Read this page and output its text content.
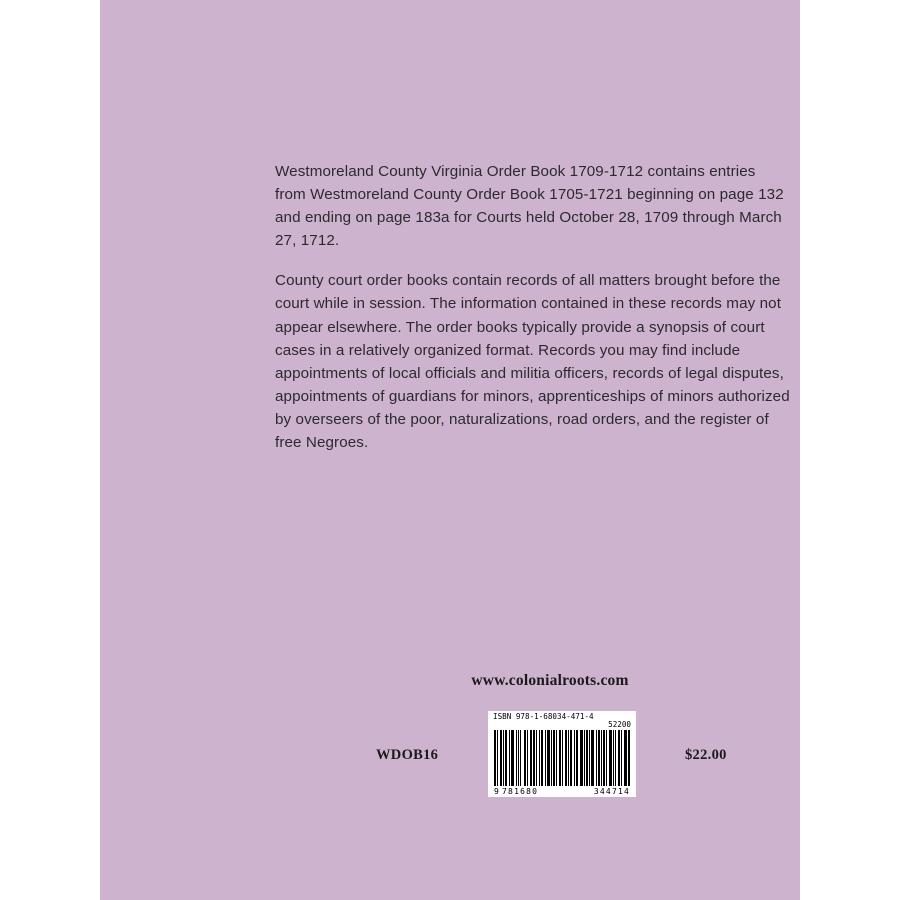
Westmoreland County Virginia Order Book 1709-1712 contains entries from Westmoreland County Order Book 1705-1721 beginning on page 132 and ending on page 183a for Courts held October 28, 1709 through March 27, 1712.

County court order books contain records of all matters brought before the court while in session. The information contained in these records may not appear elsewhere. The order books typically provide a synopsis of court cases in a relatively organized format. Records you may find include appointments of local officials and militia officers, records of legal disputes, appointments of guardians for minors, apprenticeships of minors authorized by overseers of the poor, naturalizations, road orders, and the register of free Negroes.

www.colonialroots.com
WDOB16	$22.00
ISBN 978-1-68034-471-4
52200
9 781680	344714
